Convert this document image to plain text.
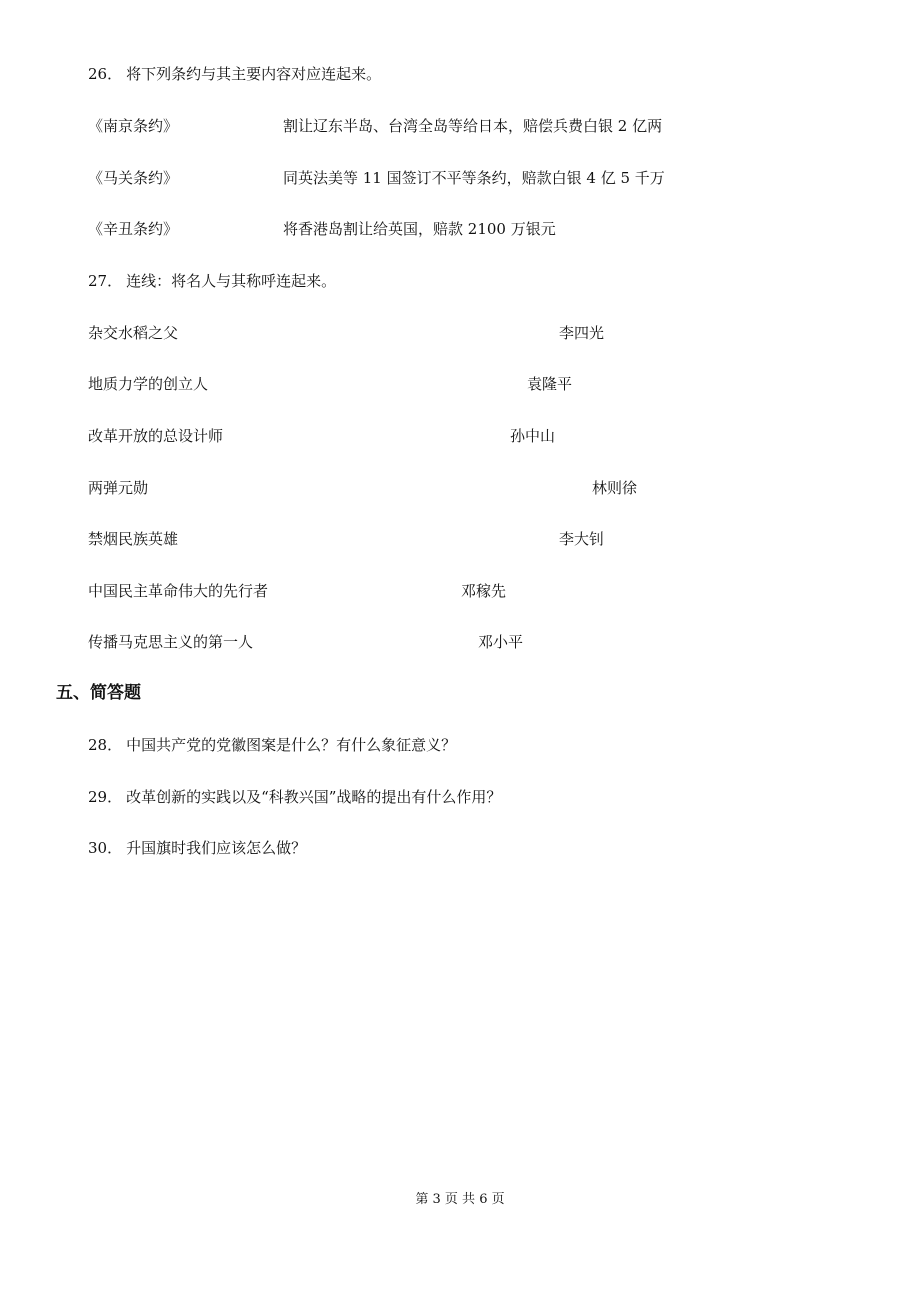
26． 将下列条约与其主要内容对应连起来。
《南京条约》	割让辽东半岛、台湾全岛等给日本，赔偿兵费白银 2 亿两
《马关条约》	同英法美等 11 国签订不平等条约，赔款白银 4 亿 5 千万
《辛丑条约》	将香港岛割让给英国，赔款 2100 万银元
27． 连线：将名人与其称呼连起来。
杂交水稻之父	李四光
地质力学的创立人	袁隆平
改革开放的总设计师	孙中山
两弹元勋	林则徐
禁烟民族英雄	李大钊
中国民主革命伟大的先行者	邓稼先
传播马克思主义的第一人	邓小平
五、简答题
28． 中国共产党的党徽图案是什么？有什么象征意义？
29． 改革创新的实践以及“科教兴国”战略的提出有什么作用？
30． 升国旗时我们应该怎么做？
第 3 页 共 6 页
